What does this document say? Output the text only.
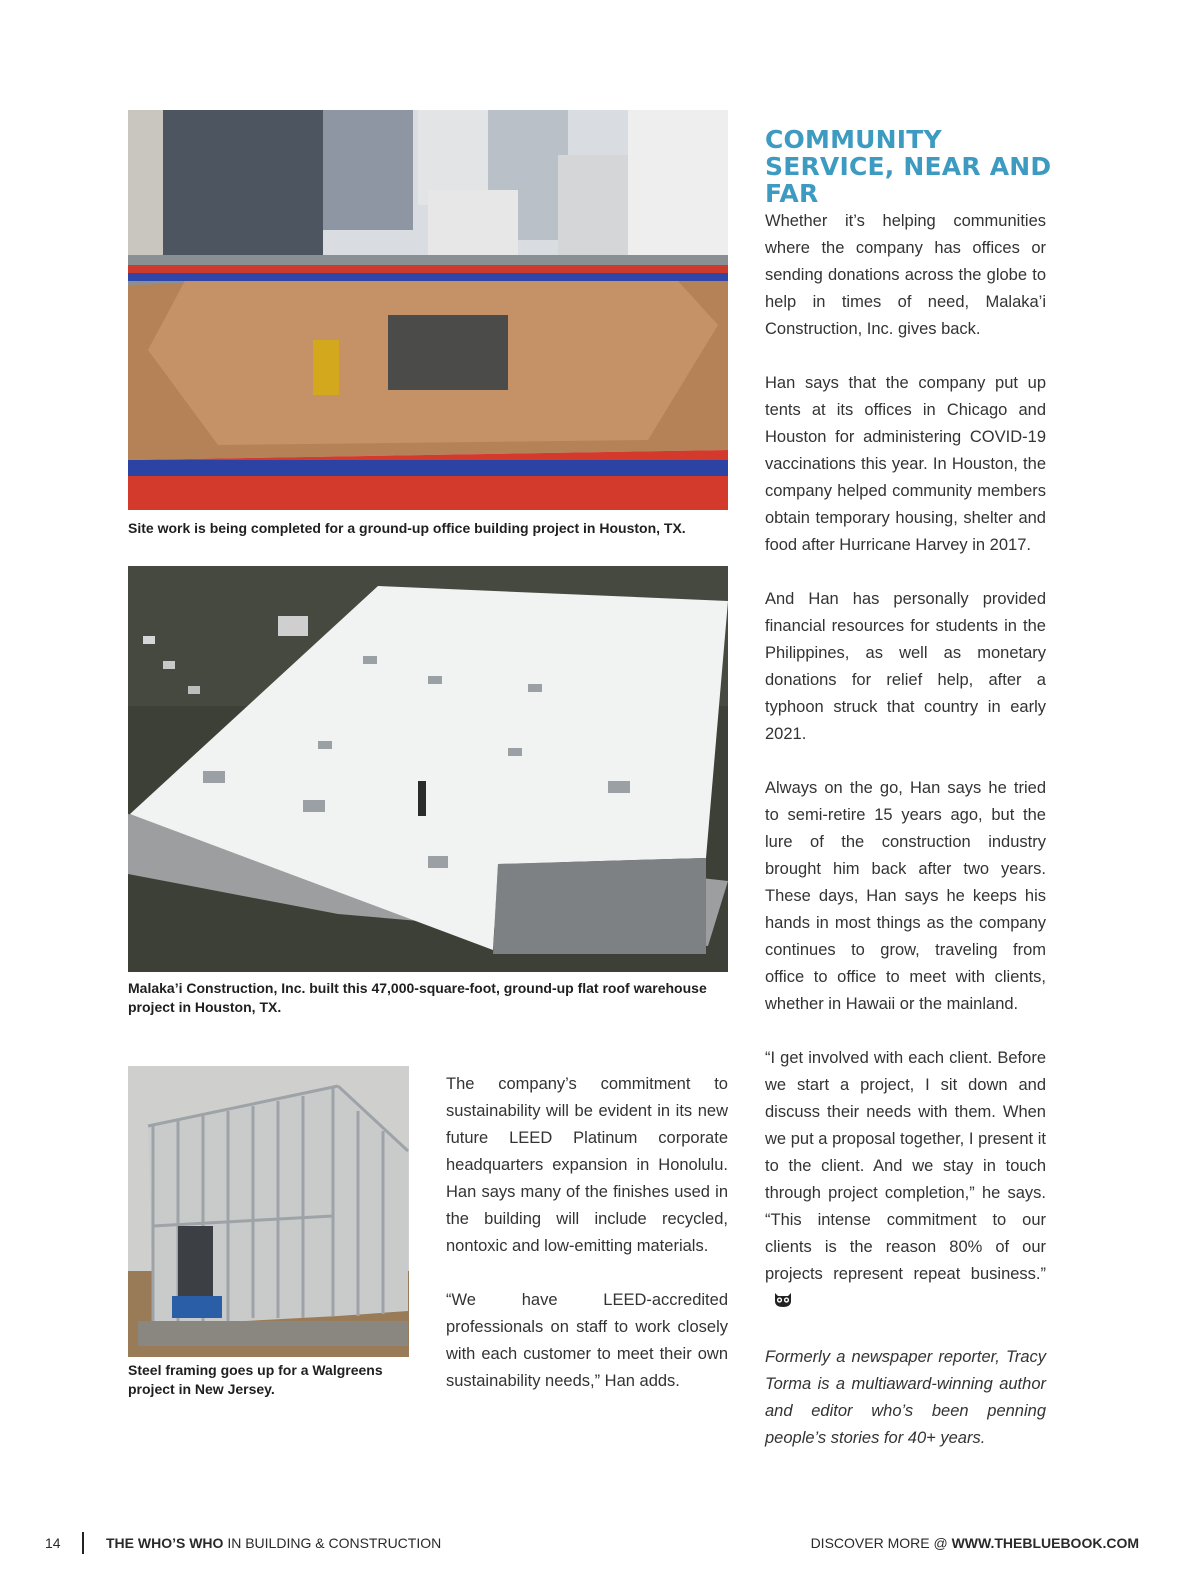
Site work is being completed for a ground-up office building project in Houston, TX.
Malaka’i Construction, Inc. built this 47,000-square-foot, ground-up flat roof warehouse project in Houston, TX.
Steel framing goes up for a Walgreens project in New Jersey.

The company’s commitment to sustainability will be evident in its new future LEED Platinum corporate headquarters expansion in Honolulu. Han says many of the finishes used in the building will include recycled, nontoxic and low-emitting materials.

“We have LEED-accredited professionals on staff to work closely with each customer to meet their own sustainability needs,” Han adds.

COMMUNITY SERVICE, NEAR AND FAR

Whether it’s helping communities where the company has offices or sending donations across the globe to help in times of need, Malaka’i Construction, Inc. gives back.

Han says that the company put up tents at its offices in Chicago and Houston for administering COVID-19 vaccinations this year. In Houston, the company helped community members obtain temporary housing, shelter and food after Hurricane Harvey in 2017.

And Han has personally provided financial resources for students in the Philippines, as well as monetary donations for relief help, after a typhoon struck that country in early 2021.

Always on the go, Han says he tried to semi-retire 15 years ago, but the lure of the construction industry brought him back after two years. These days, Han says he keeps his hands in most things as the company continues to grow, traveling from office to office to meet with clients, whether in Hawaii or the mainland.

“I get involved with each client. Before we start a project, I sit down and discuss their needs with them. When we put a proposal together, I present it to the client. And we stay in touch through project completion,” he says. “This intense commitment to our clients is the reason 80% of our projects represent repeat business.”

Formerly a newspaper reporter, Tracy Torma is a multiaward-winning author and editor who’s been penning people’s stories for 40+ years.

14	THE WHO’S WHO IN BUILDING & CONSTRUCTION	DISCOVER MORE @ WWW.THEBLUEBOOK.COM
